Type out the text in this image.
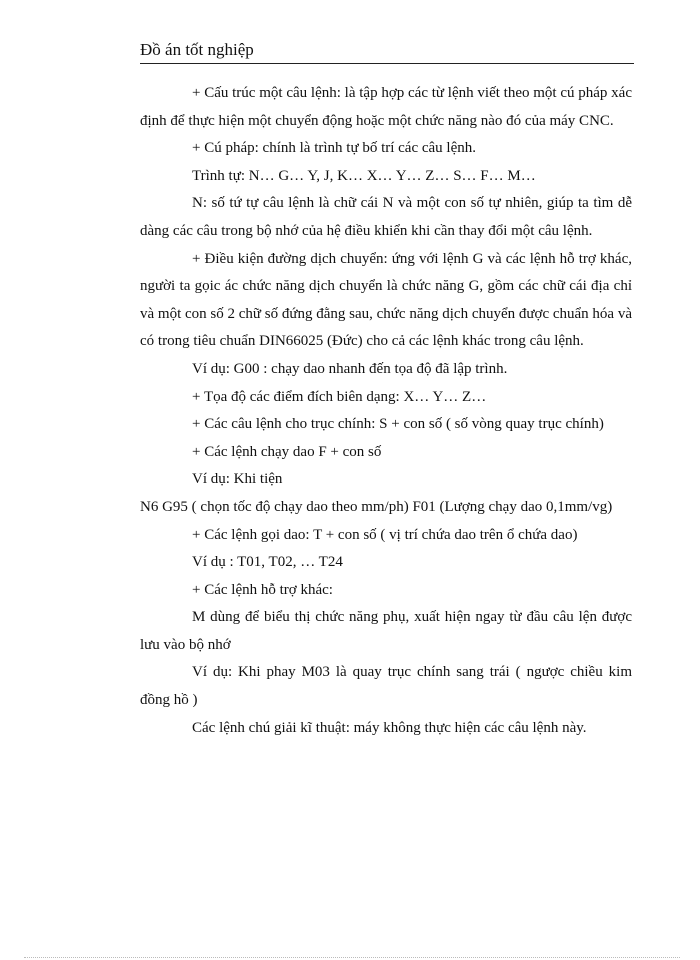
Đồ án tốt nghiệp

+ Cấu trúc một câu lệnh: là tập hợp các từ lệnh viết theo một cú pháp xác định để thực hiện một chuyển động hoặc một chức năng nào đó của máy CNC.

+ Cú pháp: chính là trình tự bố trí các câu lệnh.

Trình tự: N… G… Y, J, K… X… Y… Z… S… F… M…

N: số tứ tự câu lệnh là chữ cái N và một con số tự nhiên, giúp ta tìm dễ dàng các câu trong bộ nhớ của hệ điều khiển khi cần thay đổi một câu lệnh.

+ Điều kiện đường dịch chuyển: ứng với lệnh G và các lệnh hỗ trợ khác, người ta gọic ác chức năng dịch chuyển là chức năng G, gồm các chữ cái địa chỉ và một con số 2 chữ số đứng đằng sau, chức năng dịch chuyển được chuẩn hóa và có trong tiêu chuẩn DIN66025 (Đức) cho cả các lệnh khác trong câu lệnh.

Ví dụ: G00 : chạy dao nhanh đến tọa độ đã lập trình.

+ Tọa độ các điểm đích biên dạng: X… Y… Z…

+ Các câu lệnh cho trục chính: S + con số ( số vòng quay trục chính)

+ Các lệnh chạy dao F + con số

Ví dụ: Khi tiện

N6 G95 ( chọn tốc độ chạy dao theo mm/ph) F01 (Lượng chạy dao 0,1mm/vg)

+ Các lệnh gọi dao: T + con số ( vị trí chứa dao trên ổ chứa dao)

Ví dụ : T01, T02, … T24

+ Các lệnh hỗ trợ khác:

M dùng để biểu thị chức năng phụ, xuất hiện ngay từ đầu câu lện được lưu vào bộ nhớ

Ví dụ: Khi phay M03 là quay trục chính sang trái ( ngược chiều kim đồng hồ )

Các lệnh chú giải kĩ thuật: máy không thực hiện các câu lệnh này.
